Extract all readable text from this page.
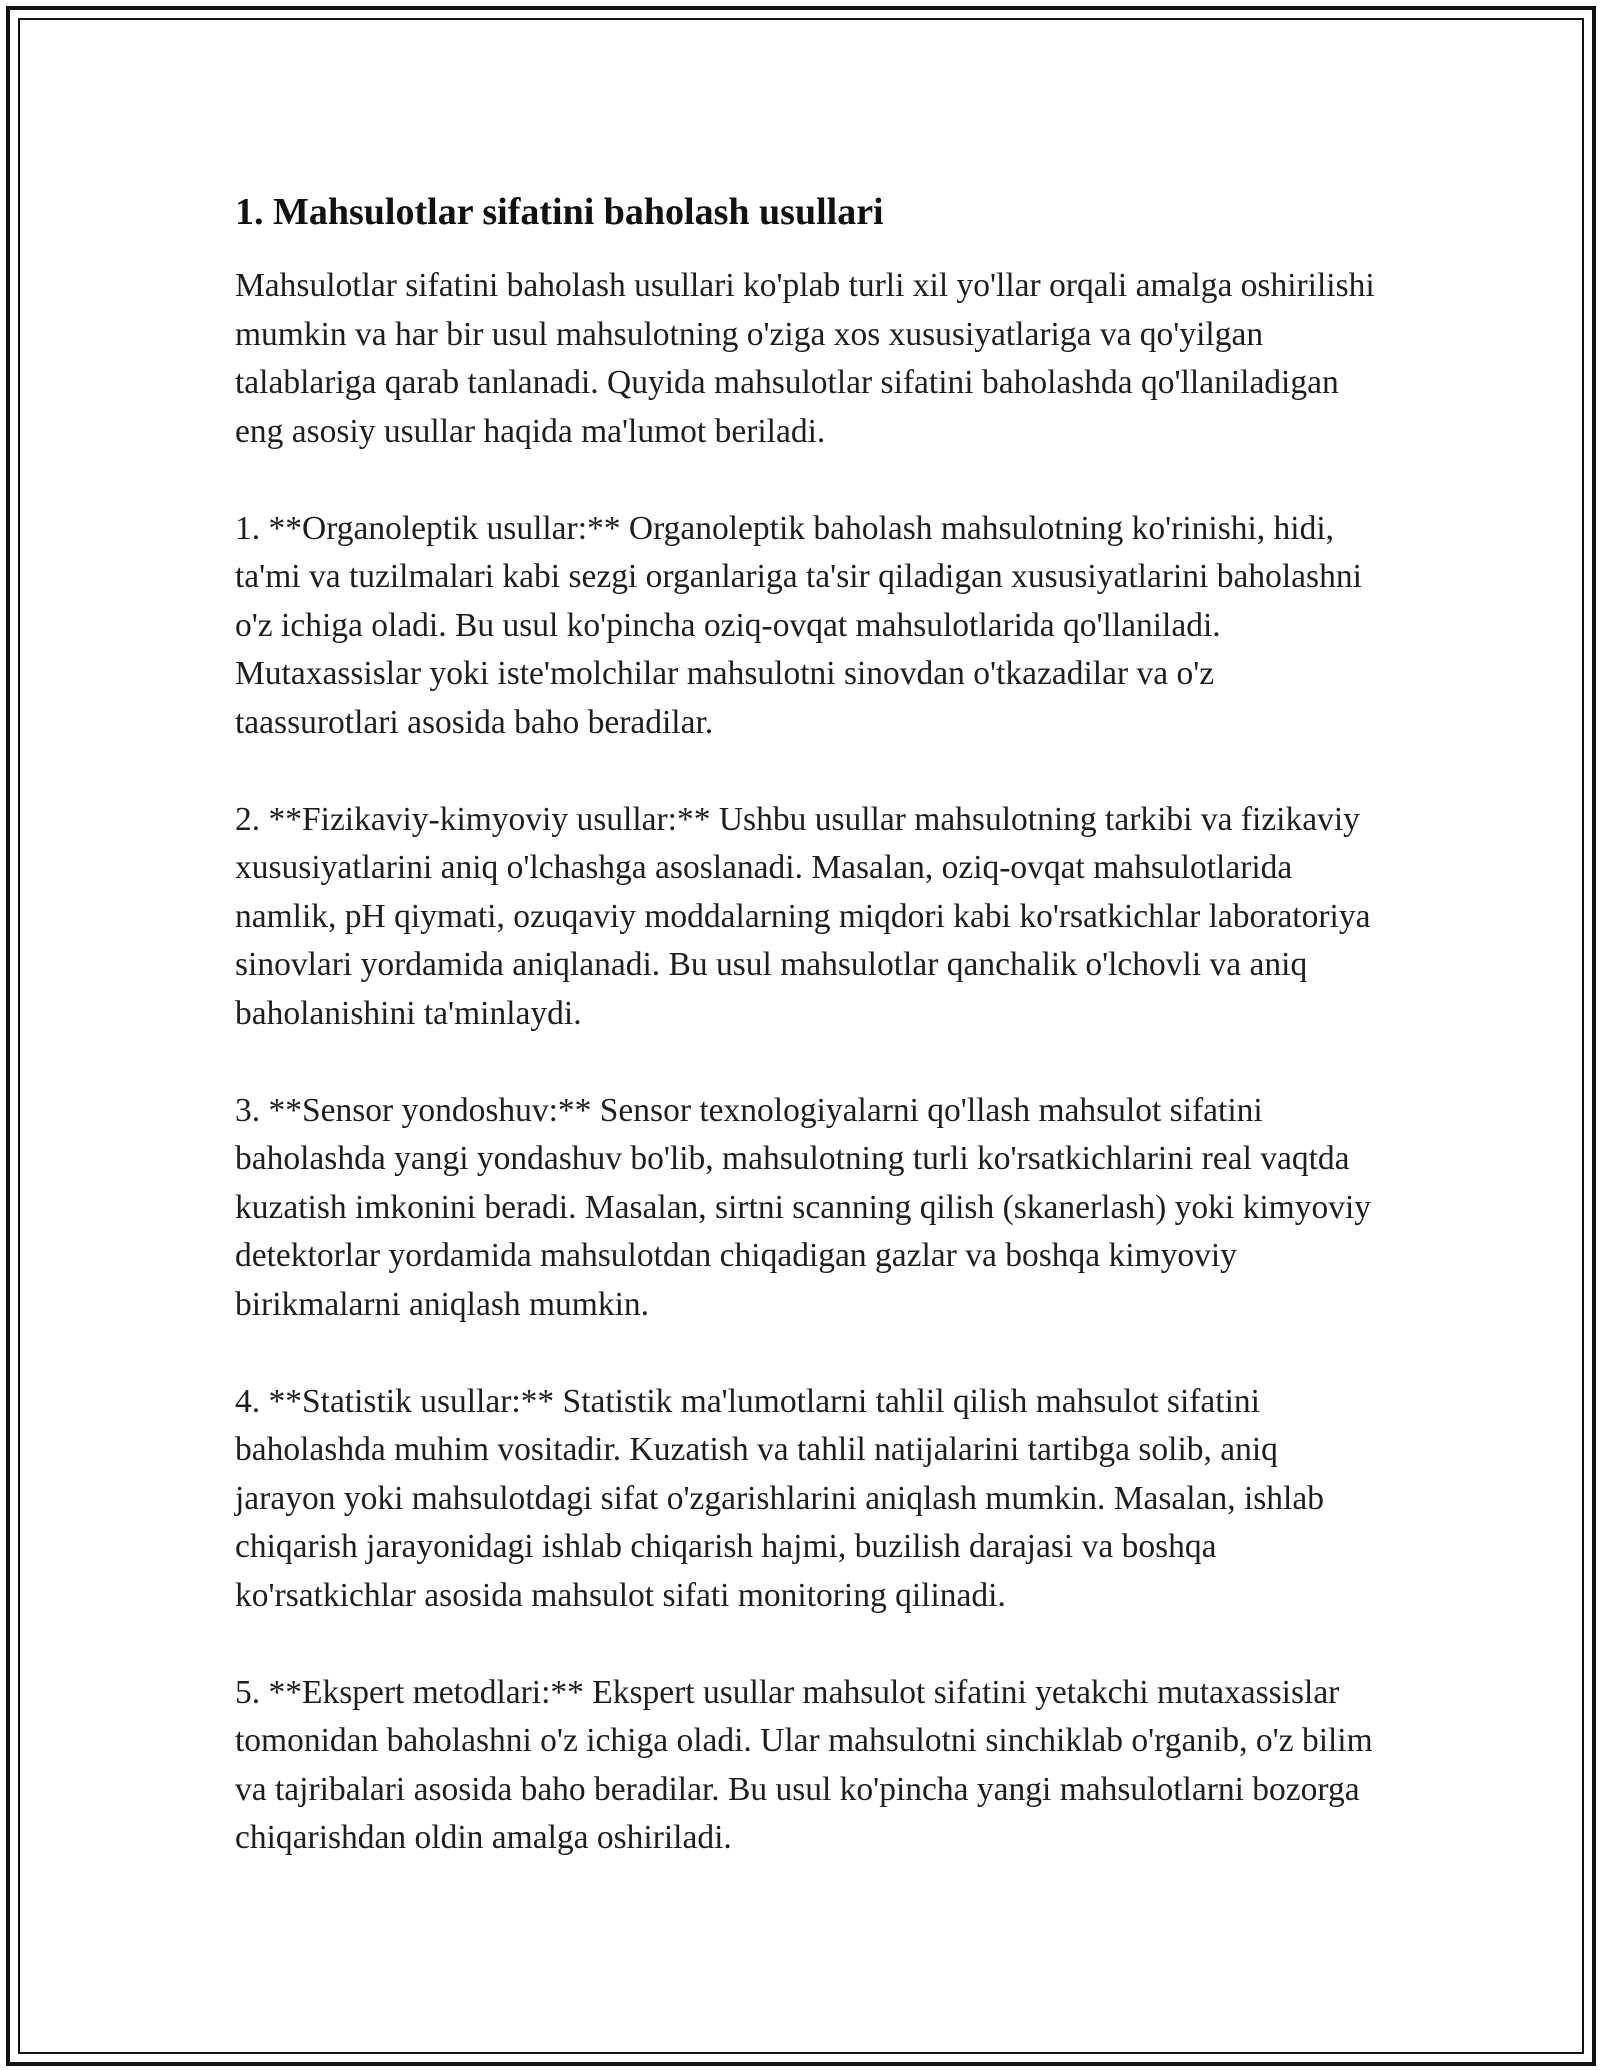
1. Mahsulotlar sifatini baholash usullari

Mahsulotlar sifatini baholash usullari ko'plab turli xil yo'llar orqali amalga oshirilishi mumkin va har bir usul mahsulotning o'ziga xos xususiyatlariga va qo'yilgan talablariga qarab tanlanadi. Quyida mahsulotlar sifatini baholashda qo'llaniladigan eng asosiy usullar haqida ma'lumot beriladi.

1. **Organoleptik usullar:** Organoleptik baholash mahsulotning ko'rinishi, hidi, ta'mi va tuzilmalari kabi sezgi organlariga ta'sir qiladigan xususiyatlarini baholashni o'z ichiga oladi. Bu usul ko'pincha oziq-ovqat mahsulotlarida qo'llaniladi. Mutaxassislar yoki iste'molchilar mahsulotni sinovdan o'tkazadilar va o'z taassurotlari asosida baho beradilar.

2. **Fizikaviy-kimyoviy usullar:** Ushbu usullar mahsulotning tarkibi va fizikaviy xususiyatlarini aniq o'lchashga asoslanadi. Masalan, oziq-ovqat mahsulotlarida namlik, pH qiymati, ozuqaviy moddalarning miqdori kabi ko'rsatkichlar laboratoriya sinovlari yordamida aniqlanadi. Bu usul mahsulotlar qanchalik o'lchovli va aniq baholanishini ta'minlaydi.

3. **Sensor yondoshuv:** Sensor texnologiyalarni qo'llash mahsulot sifatini baholashda yangi yondashuv bo'lib, mahsulotning turli ko'rsatkichlarini real vaqtda kuzatish imkonini beradi. Masalan, sirtni scanning qilish (skanerlash) yoki kimyoviy detektorlar yordamida mahsulotdan chiqadigan gazlar va boshqa kimyoviy birikmalarni aniqlash mumkin.

4. **Statistik usullar:** Statistik ma'lumotlarni tahlil qilish mahsulot sifatini baholashda muhim vositadir. Kuzatish va tahlil natijalarini tartibga solib, aniq jarayon yoki mahsulotdagi sifat o'zgarishlarini aniqlash mumkin. Masalan, ishlab chiqarish jarayonidagi ishlab chiqarish hajmi, buzilish darajasi va boshqa ko'rsatkichlar asosida mahsulot sifati monitoring qilinadi.

5. **Ekspert metodlari:** Ekspert usullar mahsulot sifatini yetakchi mutaxassislar tomonidan baholashni o'z ichiga oladi. Ular mahsulotni sinchiklab o'rganib, o'z bilim va tajribalari asosida baho beradilar. Bu usul ko'pincha yangi mahsulotlarni bozorga chiqarishdan oldin amalga oshiriladi.
